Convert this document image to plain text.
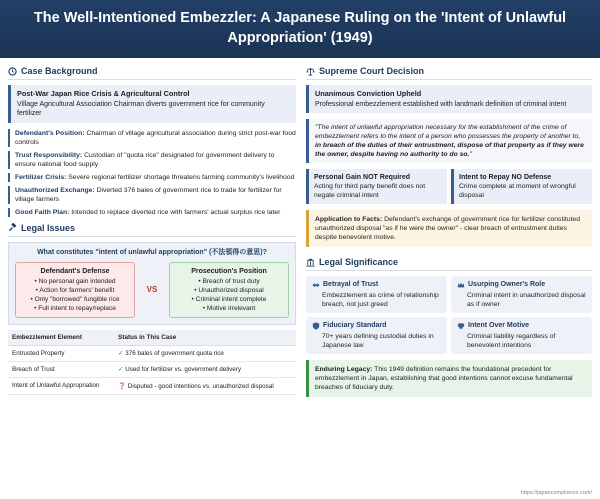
The Well-Intentioned Embezzler: A Japanese Ruling on the 'Intent of Unlawful Appropriation' (1949)
Case Background
Post-War Japan Rice Crisis & Agricultural Control
Village Agricultural Association Chairman diverts government rice for community fertilizer
Defendant's Position: Chairman of village agricultural association during strict post-war food controls
Trust Responsibility: Custodian of "quota rice" designated for government delivery to ensure national food supply
Fertilizer Crisis: Severe regional fertilizer shortage threatens farming community's livelihood
Unauthorized Exchange: Diverted 376 bales of government rice to trade for fertilizer for village farmers
Good Faith Plan: Intended to replace diverted rice with farmers' actual surplus rice later
Legal Issues
What constitutes "intent of unlawful appropriation" (不法領得の意思)?
Defendant's Defense
• No personal gain intended
• Action for farmers' benefit
• Only "borrowed" fungible rice
• Full intent to repay/replace
VS
Prosecution's Position
• Breach of trust duty
• Unauthorized disposal
• Criminal intent complete
• Motive irrelevant
Embezzlement Element	Status in This Case
Entrusted Property	✓ 376 bales of government quota rice
Breach of Trust	✓ Used for fertilizer vs. government delivery
Intent of Unlawful Appropriation	❓ Disputed - good intentions vs. unauthorized disposal
Supreme Court Decision
Unanimous Conviction Upheld
Professional embezzlement established with landmark definition of criminal intent
"The intent of unlawful appropriation necessary for the establishment of the crime of embezzlement refers to the intent of a person who possesses the property of another to, in breach of the duties of their entrustment, dispose of that property as if they were the owner, despite having no authority to do so."
Personal Gain NOT Required
Acting for third party benefit does not negate criminal intent
Intent to Repay NO Defense
Crime complete at moment of wrongful disposal
Application to Facts: Defendant's exchange of government rice for fertilizer constituted unauthorized disposal "as if he were the owner" - clear breach of entrustment duties despite benevolent motive.
Legal Significance
Betrayal of Trust
Embezzlement as crime of relationship breach, not just greed
Usurping Owner's Role
Criminal intent in unauthorized disposal as if owner
Fiduciary Standard
70+ years defining custodial duties in Japanese law
Intent Over Motive
Criminal liability regardless of benevolent intentions
Enduring Legacy: This 1949 definition remains the foundational precedent for embezzlement in Japan, establishing that good intentions cannot excuse fundamental breaches of fiduciary duty.
https://japancompliance.com/
